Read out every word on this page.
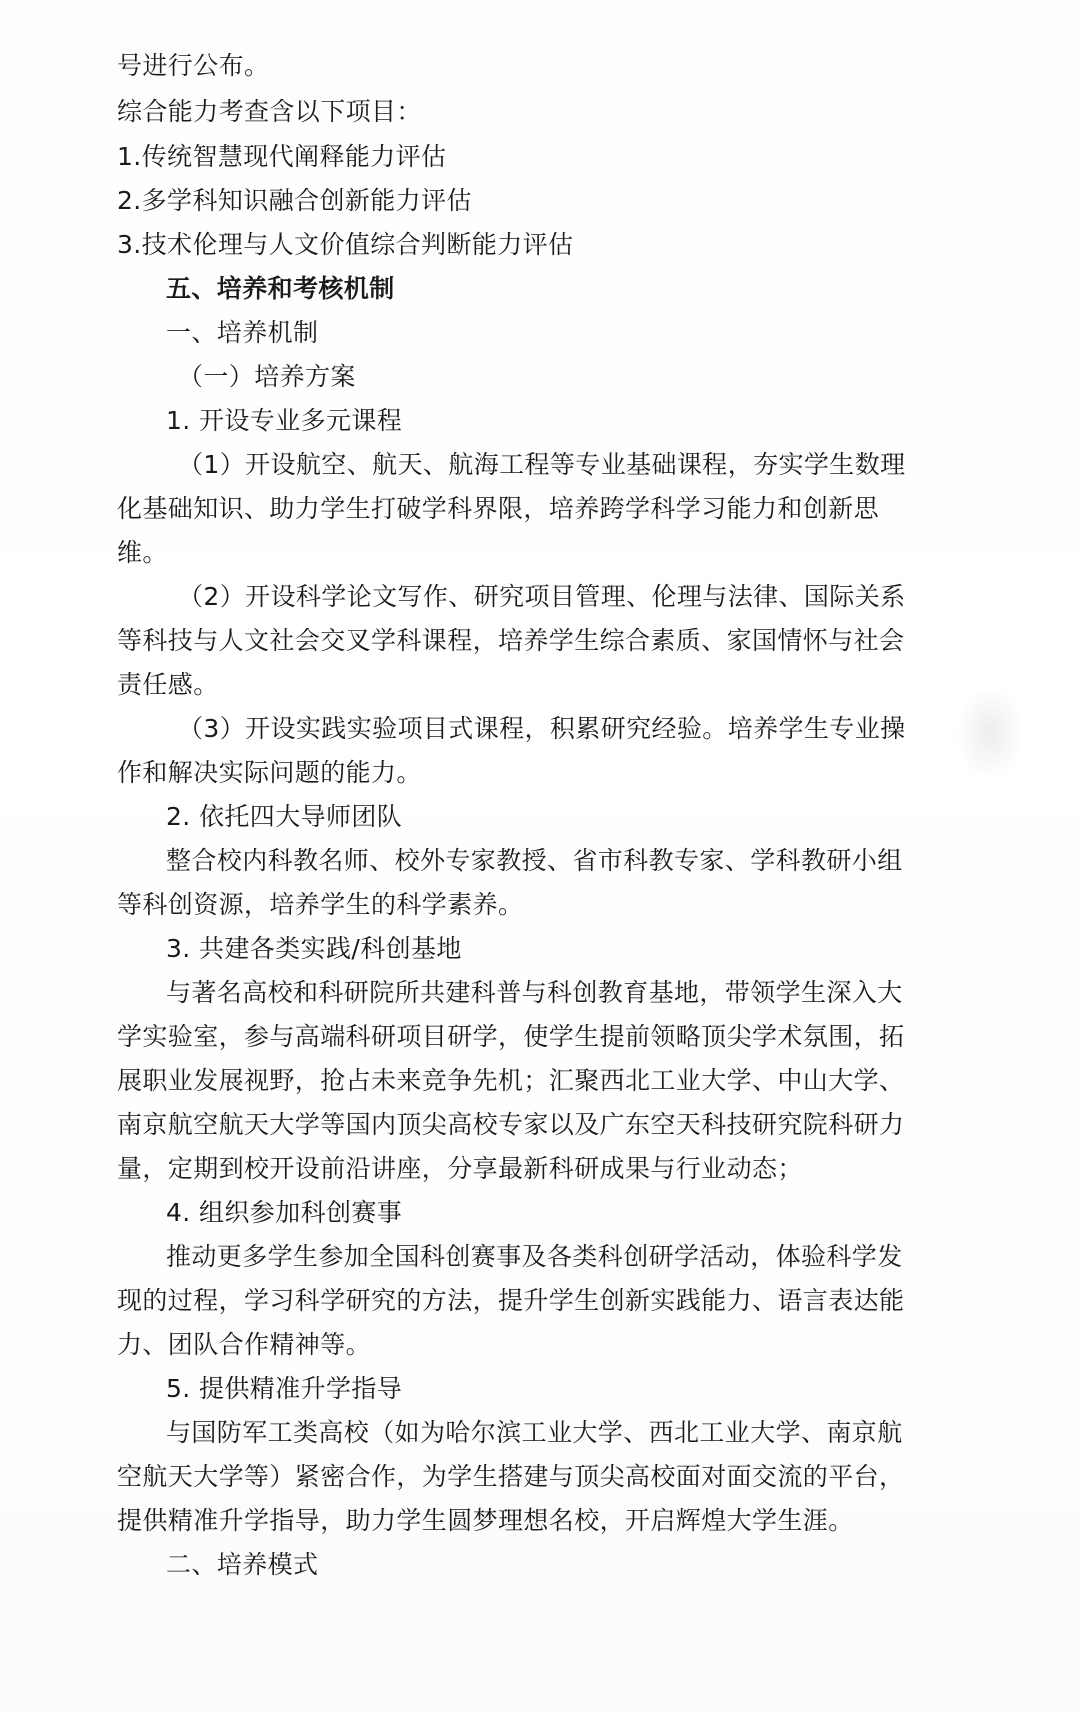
号进行公布。
综合能力考查含以下项目：
1.传统智慧现代阐释能力评估
2.多学科知识融合创新能力评估
3.技术伦理与人文价值综合判断能力评估
五、培养和考核机制
一、培养机制
（一）培养方案
1. 开设专业多元课程
（1）开设航空、航天、航海工程等专业基础课程，夯实学生数理
化基础知识、助力学生打破学科界限，培养跨学科学习能力和创新思
维。
（2）开设科学论文写作、研究项目管理、伦理与法律、国际关系
等科技与人文社会交叉学科课程，培养学生综合素质、家国情怀与社会
责任感。
（3）开设实践实验项目式课程，积累研究经验。培养学生专业操
作和解决实际问题的能力。
2. 依托四大导师团队
整合校内科教名师、校外专家教授、省市科教专家、学科教研小组
等科创资源，培养学生的科学素养。
3. 共建各类实践/科创基地
与著名高校和科研院所共建科普与科创教育基地，带领学生深入大
学实验室，参与高端科研项目研学，使学生提前领略顶尖学术氛围，拓
展职业发展视野，抢占未来竞争先机；汇聚西北工业大学、中山大学、
南京航空航天大学等国内顶尖高校专家以及广东空天科技研究院科研力
量，定期到校开设前沿讲座，分享最新科研成果与行业动态；
4. 组织参加科创赛事
推动更多学生参加全国科创赛事及各类科创研学活动，体验科学发
现的过程，学习科学研究的方法，提升学生创新实践能力、语言表达能
力、团队合作精神等。
5. 提供精准升学指导
与国防军工类高校（如为哈尔滨工业大学、西北工业大学、南京航
空航天大学等）紧密合作，为学生搭建与顶尖高校面对面交流的平台，
提供精准升学指导，助力学生圆梦理想名校，开启辉煌大学生涯。
二、培养模式
